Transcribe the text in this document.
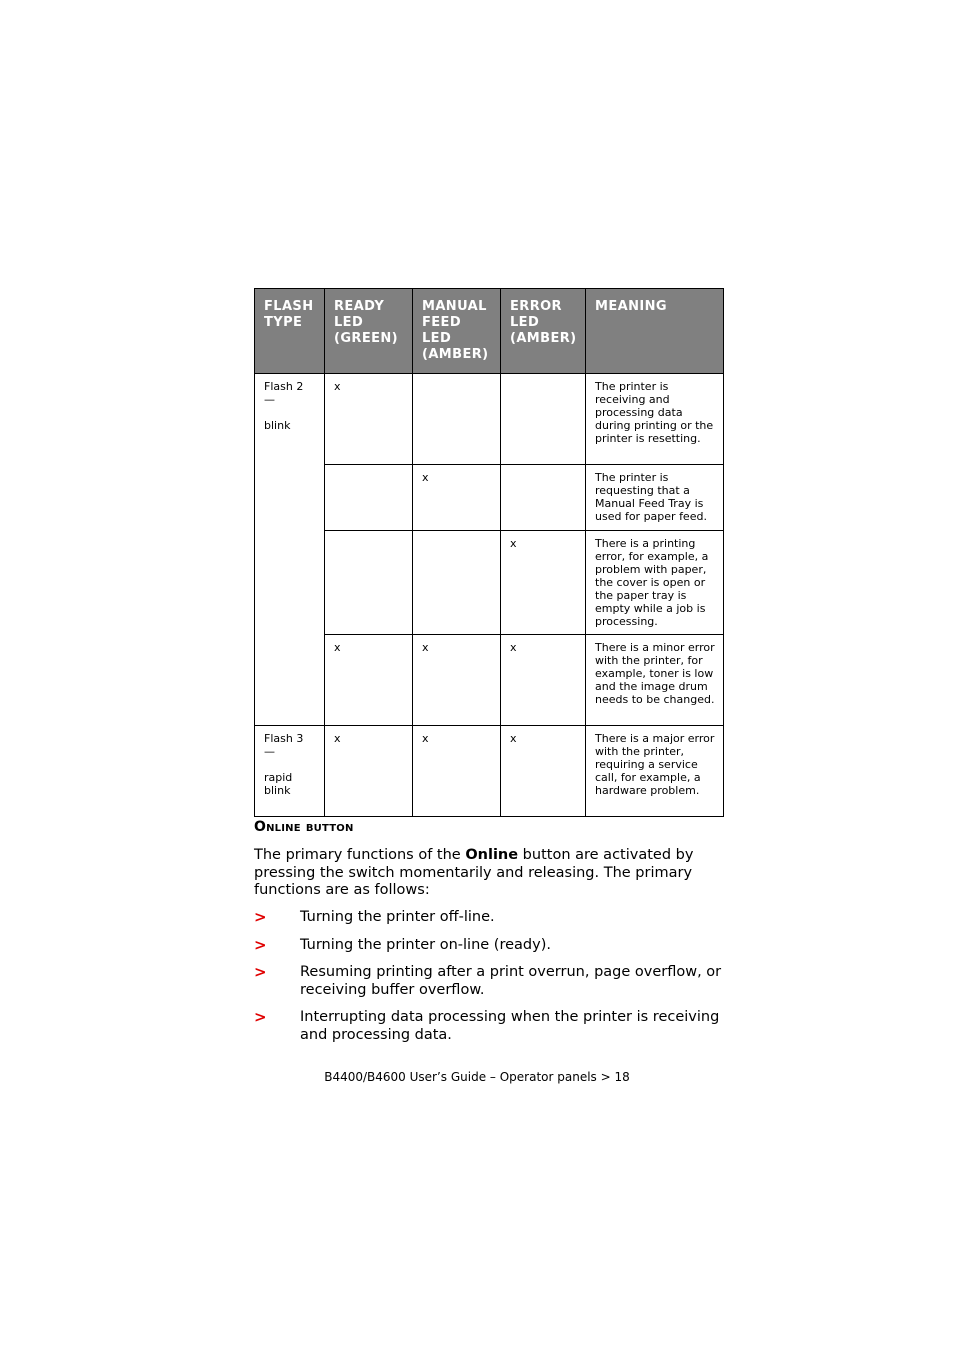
FLASH TYPE	READY LED (GREEN)	MANUAL FEED LED (AMBER)	ERROR LED (AMBER)	MEANING
Flash 2
—

blink	x			The printer is receiving and processing data during printing or the printer is resetting.
		x		The printer is requesting that a Manual Feed Tray is used for paper feed.
			x	There is a printing error, for example, a problem with paper, the cover is open or the paper tray is empty while a job is processing.
	x	x	x	There is a minor error with the printer, for example, toner is low and the image drum needs to be changed.
Flash 3
—

rapid
blink	x	x	x	There is a major error with the printer, requiring a service call, for example, a hardware problem.
Online button

The primary functions of the Online button are activated by pressing the switch momentarily and releasing. The primary functions are as follows:

> Turning the printer off-line.
> Turning the printer on-line (ready).
> Resuming printing after a print overrun, page overflow, or receiving buffer overflow.
> Interrupting data processing when the printer is receiving and processing data.
B4400/B4600 User’s Guide – Operator panels > 18
